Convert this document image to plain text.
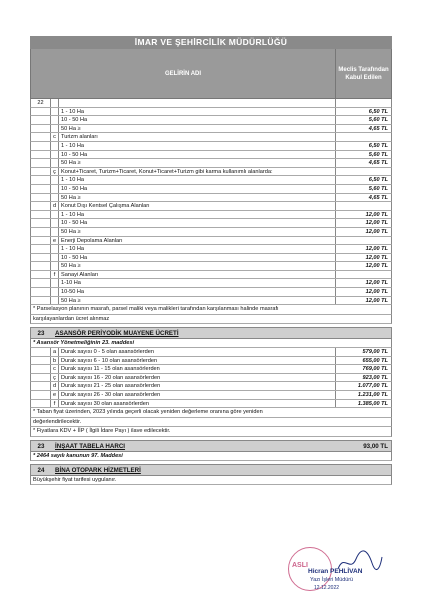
İMAR VE ŞEHİRCİLİK MÜDÜRLÜĞÜ
GELİRİN ADI
Meclis Tarafından Kabul Edilen
22
1 - 10 Ha	6,50 TL
10 - 50 Ha	5,60 TL
50 Ha ≥	4,65 TL
c Turizm alanları
1 - 10 Ha	6,50 TL
10 - 50 Ha	5,60 TL
50 Ha ≥	4,65 TL
ç Konut+Ticaret, Turizm+Ticaret, Konut+Ticaret+Turizm gibi karma kullanımlı alanlarda:
1 - 10 Ha	6,50 TL
10 - 50 Ha	5,60 TL
50 Ha ≥	4,65 TL
d Konut Dışı Kentsel Çalışma Alanları
1 - 10 Ha	12,00 TL
10 - 50 Ha	12,00 TL
50 Ha ≥	12,00 TL
e Enerji Depolama Alanları
1 - 10 Ha	12,00 TL
10 - 50 Ha	12,00 TL
50 Ha ≥	12,00 TL
f	Sanayi Alanları
1-10 Ha	12,00 TL
10-50 Ha	12,00 TL
50 Ha ≥	12,00 TL
* Parselasyon planının masrafı, parsel maliki veya malikleri tarafından karşılanması halinde masrafı
karşılayanlardan ücret alınmaz
23	ASANSÖR PERİYODİK MUAYENE ÜCRETİ
* Asansör Yönetmeliğinin 23. maddesi
a Durak sayısı 0 - 5 olan asansörlerden	579,00 TL
b Durak sayısı 6 - 10 olan asansörlerden	655,00 TL
c Durak sayısı 11 - 15 olan asansörlerden	769,00 TL
ç Durak sayısı 16 - 20 olan asansörlerden	923,00 TL
d Durak sayısı 21 - 25 olan asansörlerden	1.077,00 TL
e Durak sayısı 26 - 30 olan asansörlerden	1.231,00 TL
f	Durak sayısı 30 olan asansörlerden	1.385,00 TL
* Taban fiyat üzerinden, 2023 yılında geçerli olacak yeniden değerleme oranına göre yeniden
değerlendirilecektir.
* Fiyatlara KDV + İİP ( İlgili İdare Payı ) ilave edilecektir.
23	İNŞAAT TABELA HARCI	93,00 TL
* 2464 sayılı kanunun 97. Maddesi
24	BİNA OTOPARK HİZMETLERİ
Büyükşehir fiyat tarifesi uygulanır.
ASLI
Hicran PEHLİVAN
Yazı İşleri Müdürü
12.12.2022
